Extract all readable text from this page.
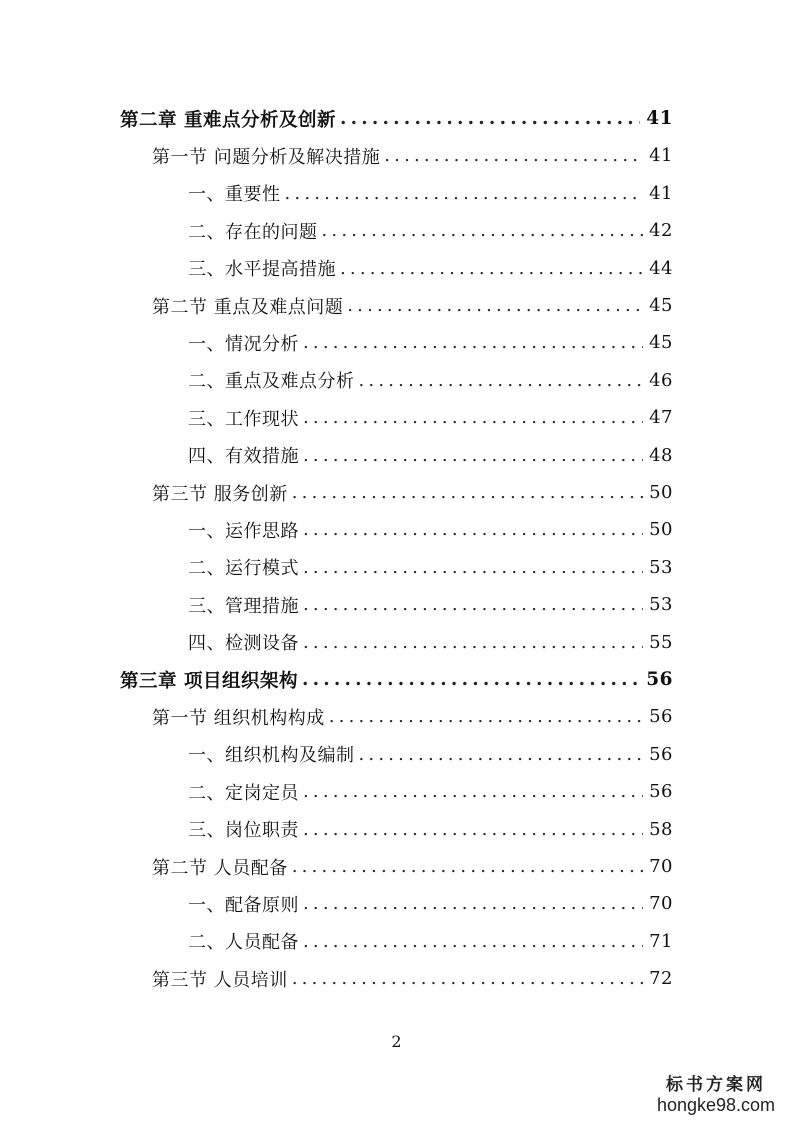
第二章 重难点分析及创新 .....	41
第一节 问题分析及解决措施 .....	41
一、重要性 .....	41
二、存在的问题 .....	42
三、水平提高措施 .....	44
第二节 重点及难点问题 .....	45
一、情况分析 .....	45
二、重点及难点分析 .....	46
三、工作现状 .....	47
四、有效措施 .....	48
第三节 服务创新 .....	50
一、运作思路 .....	50
二、运行模式 .....	53
三、管理措施 .....	53
四、检测设备 .....	55
第三章 项目组织架构 .....	56
第一节 组织机构构成 .....	56
一、组织机构及编制 .....	56
二、定岗定员 .....	56
三、岗位职责 .....	58
第二节 人员配备 .....	70
一、配备原则 .....	70
二、人员配备 .....	71
第三节 人员培训 .....	72
2
标书方案网
hongke98.com
